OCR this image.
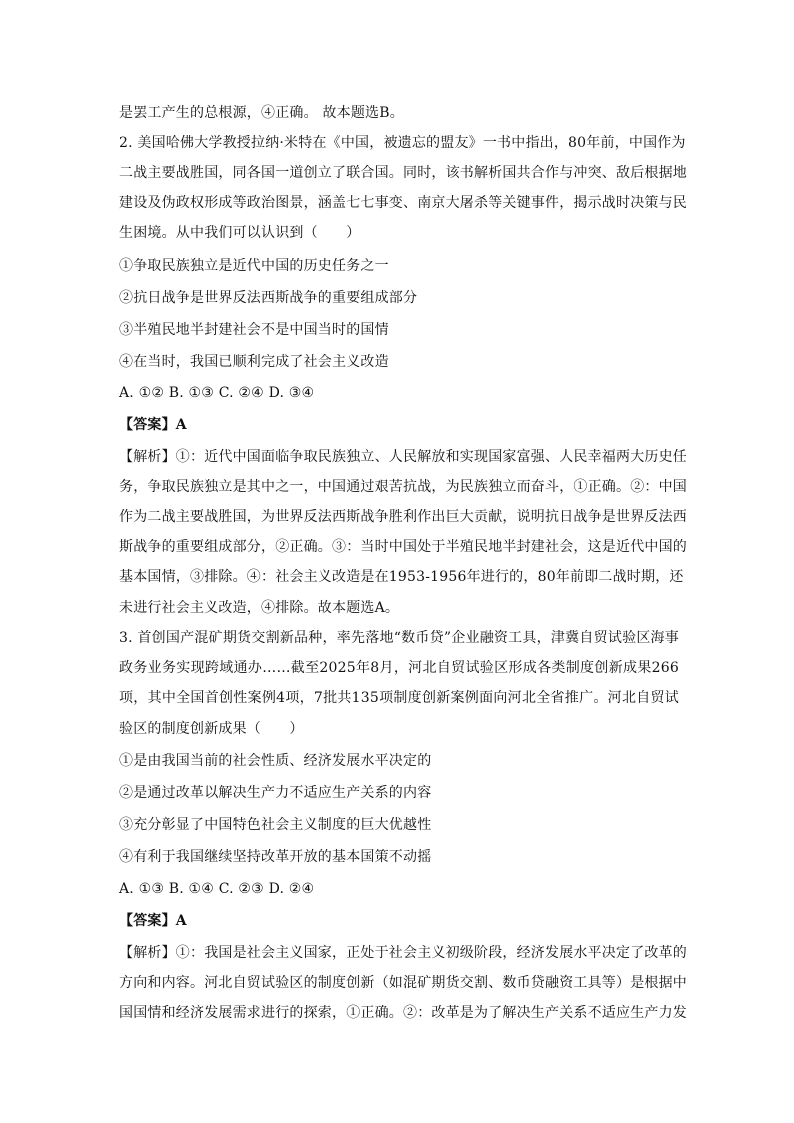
是罢工产生的总根源，④正确。 故本题选B。
2. 美国哈佛大学教授拉纳·米特在《中国，被遗忘的盟友》一书中指出，80年前，中国作为
二战主要战胜国，同各国一道创立了联合国。同时，该书解析国共合作与冲突、敌后根据地
建设及伪政权形成等政治图景，涵盖七七事变、南京大屠杀等关键事件，揭示战时决策与民
生困境。从中我们可以认识到（　　）
①争取民族独立是近代中国的历史任务之一
②抗日战争是世界反法西斯战争的重要组成部分
③半殖民地半封建社会不是中国当时的国情
④在当时，我国已顺利完成了社会主义改造
A. ①② B. ①③ C. ②④ D. ③④
【答案】A
【解析】①：近代中国面临争取民族独立、人民解放和实现国家富强、人民幸福两大历史任
务，争取民族独立是其中之一，中国通过艰苦抗战，为民族独立而奋斗，①正确。②：中国
作为二战主要战胜国，为世界反法西斯战争胜利作出巨大贡献，说明抗日战争是世界反法西
斯战争的重要组成部分，②正确。③：当时中国处于半殖民地半封建社会，这是近代中国的
基本国情，③排除。④：社会主义改造是在1953-1956年进行的，80年前即二战时期，还
未进行社会主义改造，④排除。故本题选A。
3. 首创国产混矿期货交割新品种，率先落地“数币贷”企业融资工具，津冀自贸试验区海事
政务业务实现跨域通办……截至2025年8月，河北自贸试验区形成各类制度创新成果266
项，其中全国首创性案例4项，7批共135项制度创新案例面向河北全省推广。河北自贸试
验区的制度创新成果（　　）
①是由我国当前的社会性质、经济发展水平决定的
②是通过改革以解决生产力不适应生产关系的内容
③充分彰显了中国特色社会主义制度的巨大优越性
④有利于我国继续坚持改革开放的基本国策不动摇
A. ①③ B. ①④ C. ②③ D. ②④
【答案】A
【解析】①：我国是社会主义国家，正处于社会主义初级阶段，经济发展水平决定了改革的
方向和内容。河北自贸试验区的制度创新（如混矿期货交割、数币贷融资工具等）是根据中
国国情和经济发展需求进行的探索，①正确。②：改革是为了解决生产关系不适应生产力发
